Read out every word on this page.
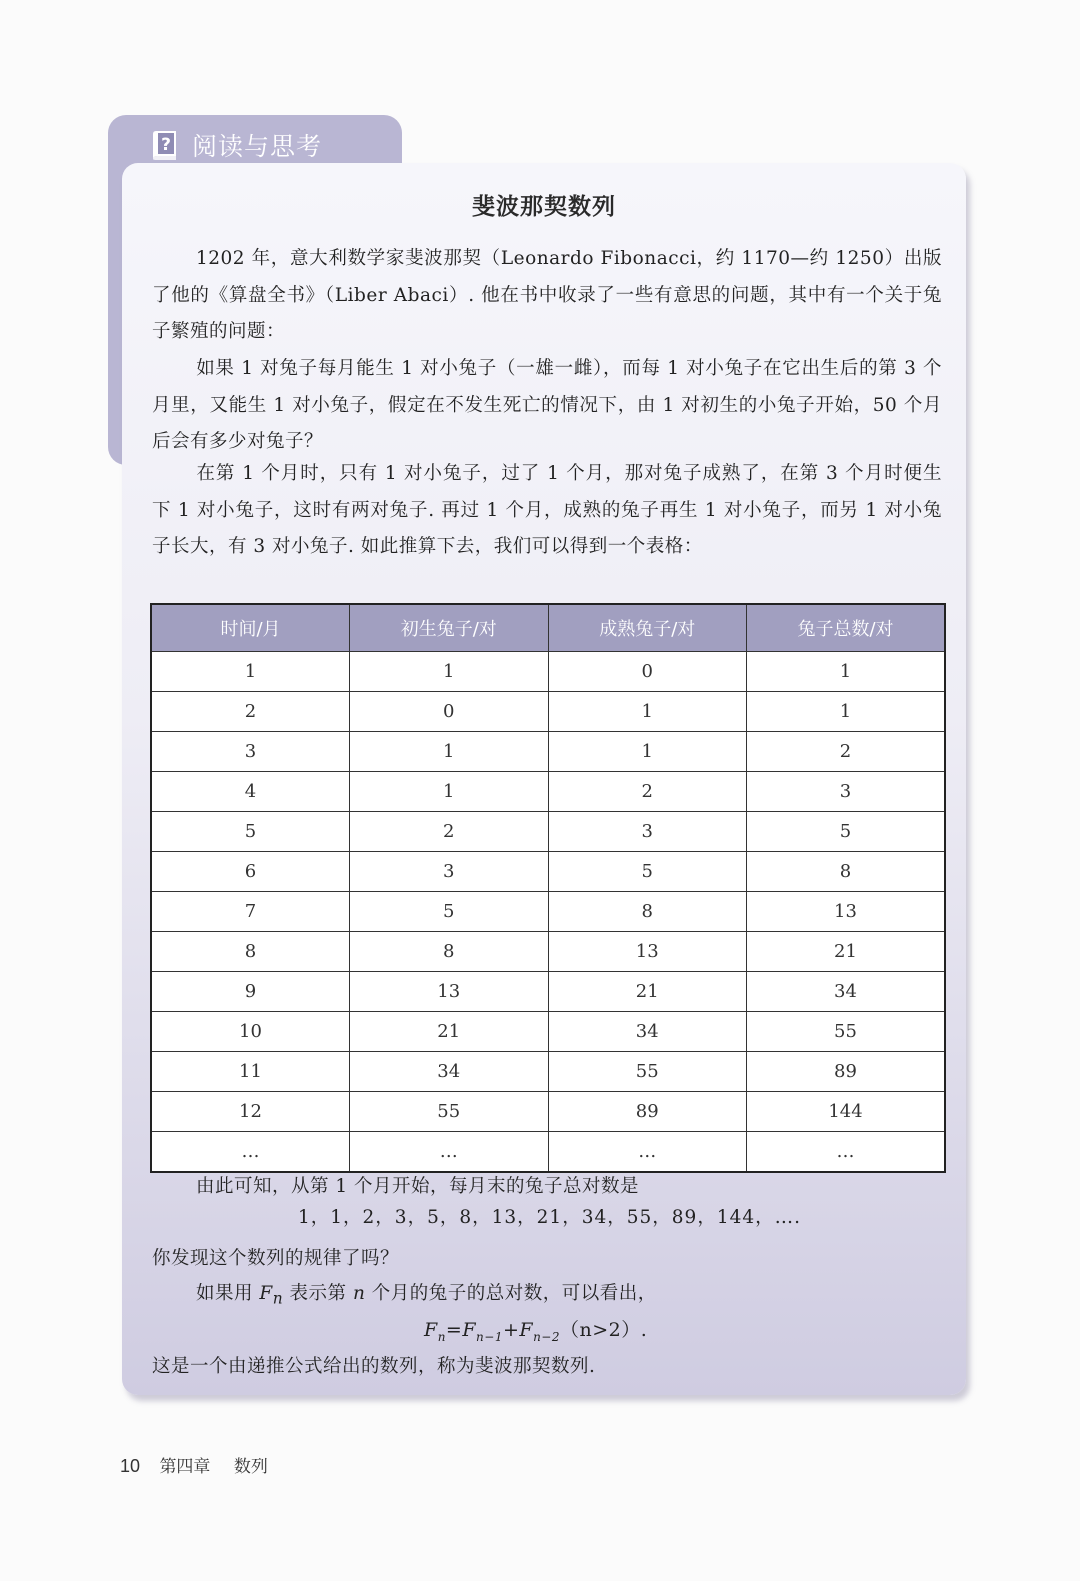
? 阅读与思考
斐波那契数列

1202 年，意大利数学家斐波那契（Leonardo Fibonacci，约 1170—约 1250）出版了他的《算盘全书》（Liber Abaci）. 他在书中收录了一些有意思的问题，其中有一个关于兔子繁殖的问题：

如果 1 对兔子每月能生 1 对小兔子（一雄一雌），而每 1 对小兔子在它出生后的第 3 个月里，又能生 1 对小兔子，假定在不发生死亡的情况下，由 1 对初生的小兔子开始，50 个月后会有多少对兔子？

在第 1 个月时，只有 1 对小兔子，过了 1 个月，那对兔子成熟了，在第 3 个月时便生下 1 对小兔子，这时有两对兔子. 再过 1 个月，成熟的兔子再生 1 对小兔子，而另 1 对小兔子长大，有 3 对小兔子. 如此推算下去，我们可以得到一个表格：

时间/月	初生兔子/对	成熟兔子/对	兔子总数/对
1	1	0	1
2	0	1	1
3	1	1	2
4	1	2	3
5	2	3	5
6	3	5	8
7	5	8	13
8	8	13	21
9	13	21	34
10	21	34	55
11	34	55	89
12	55	89	144
…	…	…	…

由此可知，从第 1 个月开始，每月末的兔子总对数是

1，1，2，3，5，8，13，21，34，55，89，144，….

你发现这个数列的规律了吗？

如果用 $F_n$ 表示第 n 个月的兔子的总对数，可以看出，

$F_n=F_{n-1}+F_{n-2}(n>2)$.

这是一个由递推公式给出的数列，称为斐波那契数列.

10 第四章 数列
